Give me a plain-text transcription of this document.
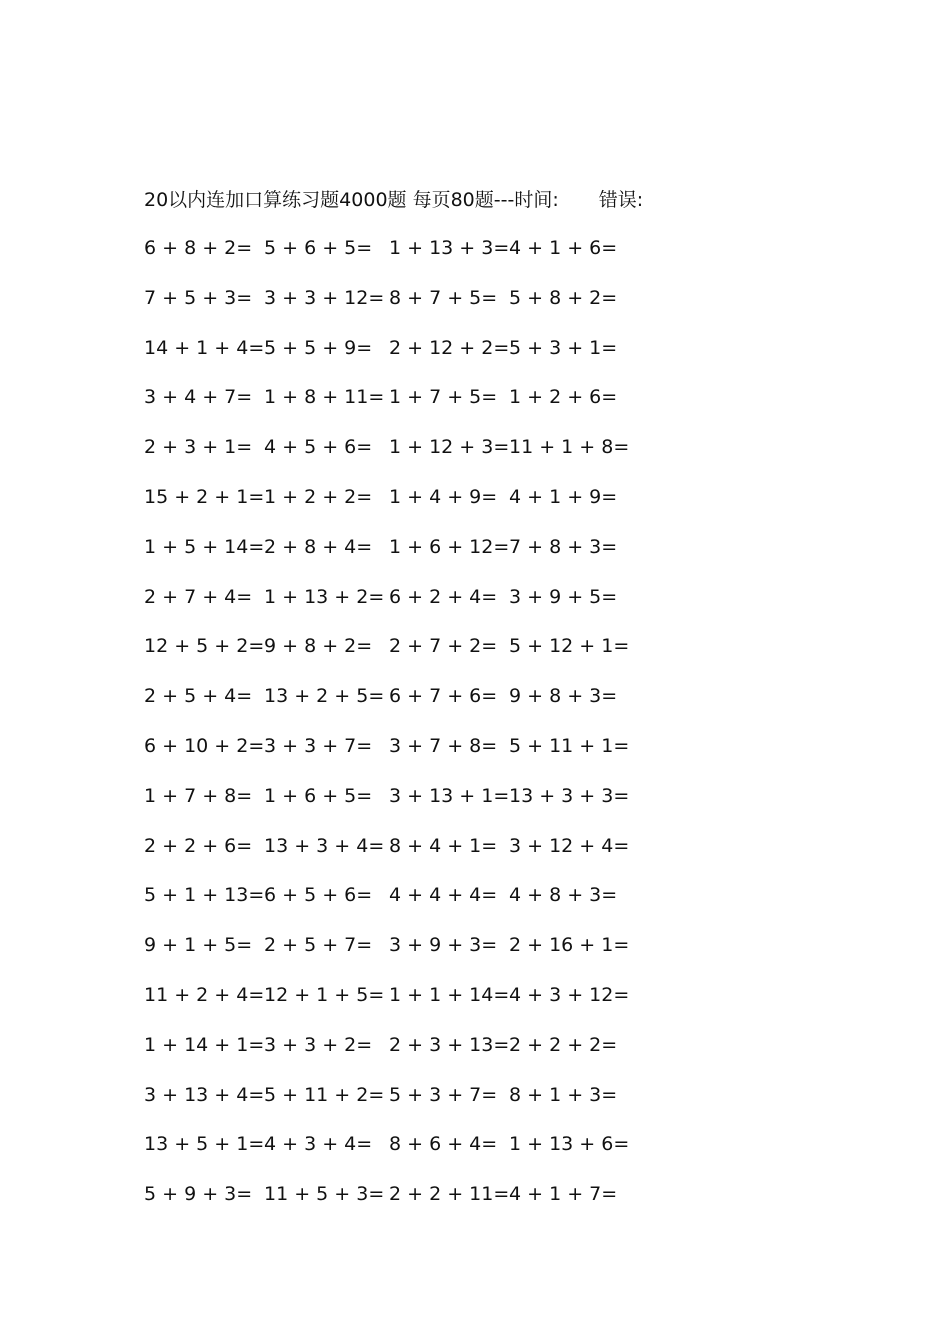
20以内连加口算练习题4000题 每页80题---时间: 错误:
6 + 8 + 2= 5 + 6 + 5= 1 + 13 + 3= 4 + 1 + 6=
7 + 5 + 3= 3 + 3 + 12= 8 + 7 + 5= 5 + 8 + 2=
14 + 1 + 4= 5 + 5 + 9= 2 + 12 + 2= 5 + 3 + 1=
3 + 4 + 7= 1 + 8 + 11= 1 + 7 + 5= 1 + 2 + 6=
2 + 3 + 1= 4 + 5 + 6= 1 + 12 + 3= 11 + 1 + 8=
15 + 2 + 1= 1 + 2 + 2= 1 + 4 + 9= 4 + 1 + 9=
1 + 5 + 14= 2 + 8 + 4= 1 + 6 + 12= 7 + 8 + 3=
2 + 7 + 4= 1 + 13 + 2= 6 + 2 + 4= 3 + 9 + 5=
12 + 5 + 2= 9 + 8 + 2= 2 + 7 + 2= 5 + 12 + 1=
2 + 5 + 4= 13 + 2 + 5= 6 + 7 + 6= 9 + 8 + 3=
6 + 10 + 2= 3 + 3 + 7= 3 + 7 + 8= 5 + 11 + 1=
1 + 7 + 8= 1 + 6 + 5= 3 + 13 + 1= 13 + 3 + 3=
2 + 2 + 6= 13 + 3 + 4= 8 + 4 + 1= 3 + 12 + 4=
5 + 1 + 13= 6 + 5 + 6= 4 + 4 + 4= 4 + 8 + 3=
9 + 1 + 5= 2 + 5 + 7= 3 + 9 + 3= 2 + 16 + 1=
11 + 2 + 4= 12 + 1 + 5= 1 + 1 + 14= 4 + 3 + 12=
1 + 14 + 1= 3 + 3 + 2= 2 + 3 + 13= 2 + 2 + 2=
3 + 13 + 4= 5 + 11 + 2= 5 + 3 + 7= 8 + 1 + 3=
13 + 5 + 1= 4 + 3 + 4= 8 + 6 + 4= 1 + 13 + 6=
5 + 9 + 3= 11 + 5 + 3= 2 + 2 + 11= 4 + 1 + 7=
